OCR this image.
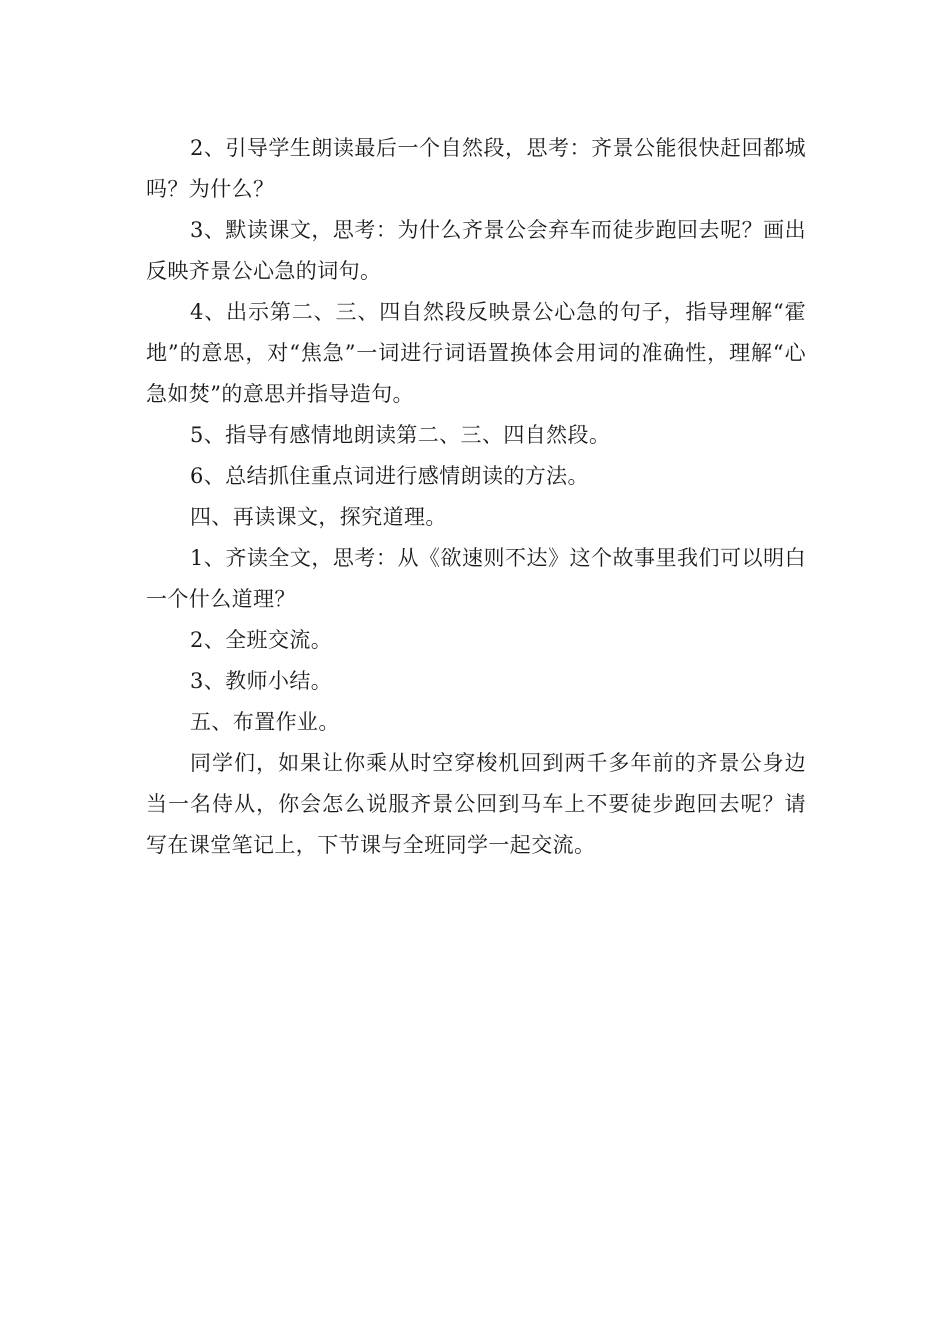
2、引导学生朗读最后一个自然段，思考：齐景公能很快赶回都城吗？为什么？

3、默读课文，思考：为什么齐景公会弃车而徒步跑回去呢？画出反映齐景公心急的词句。

4、出示第二、三、四自然段反映景公心急的句子，指导理解“霍地”的意思，对“焦急”一词进行词语置换体会用词的准确性，理解“心急如焚”的意思并指导造句。

5、指导有感情地朗读第二、三、四自然段。

6、总结抓住重点词进行感情朗读的方法。

四、再读课文，探究道理。

1、齐读全文，思考：从《欲速则不达》这个故事里我们可以明白一个什么道理？

2、全班交流。

3、教师小结。

五、布置作业。

同学们，如果让你乘从时空穿梭机回到两千多年前的齐景公身边当一名侍从，你会怎么说服齐景公回到马车上不要徒步跑回去呢？请写在课堂笔记上，下节课与全班同学一起交流。
